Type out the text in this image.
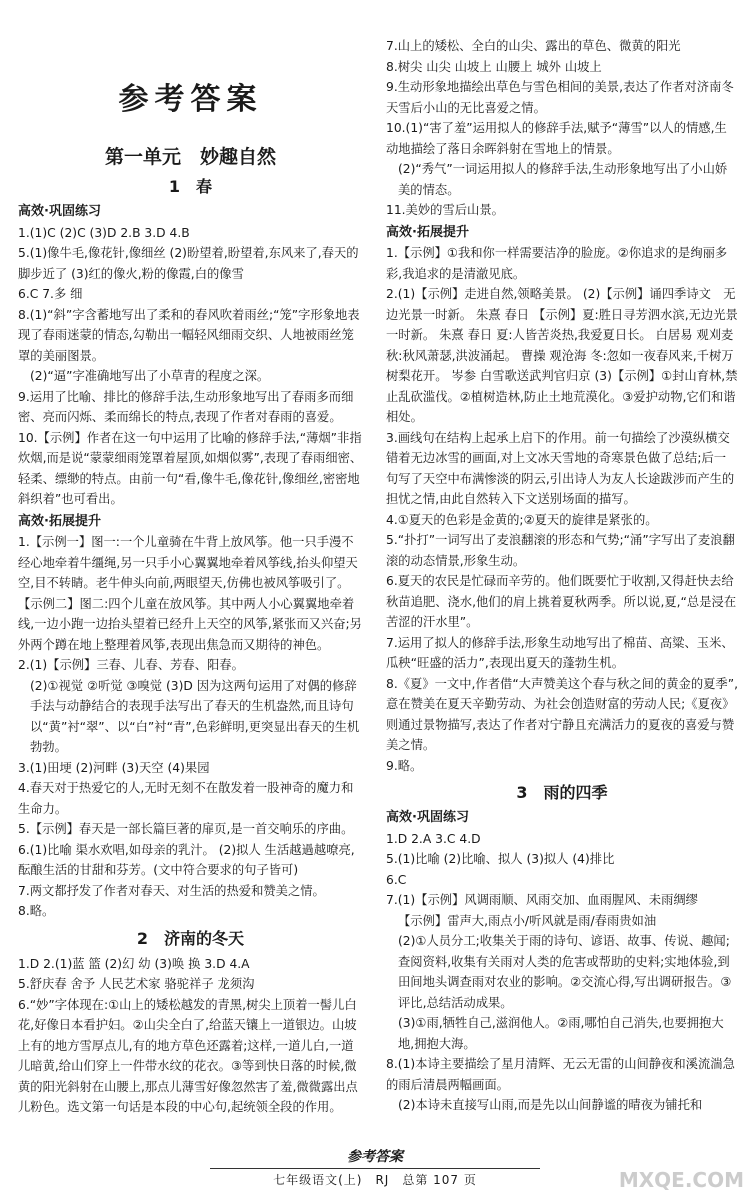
参考答案
第一单元　妙趣自然
1　春
高效·巩固练习
1.(1)C (2)C (3)D 2.B 3.D 4.B
5.(1)像牛毛,像花针,像细丝 (2)盼望着,盼望着,东风来了,春天的脚步近了 (3)红的像火,粉的像霞,白的像雪
6.C 7.多 细
8.(1)“斜”字含蓄地写出了柔和的春风吹着雨丝;“笼”字形象地表现了春雨迷蒙的情态,勾勒出一幅轻风细雨交织、人地被雨丝笼罩的美丽图景。
(2)“逼”字准确地写出了小草青的程度之深。
9.运用了比喻、排比的修辞手法,生动形象地写出了春雨多而细密、亮而闪烁、柔而绵长的特点,表现了作者对春雨的喜爱。
10.【示例】作者在这一句中运用了比喻的修辞手法,“薄烟”非指炊烟,而是说“蒙蒙细雨笼罩着屋顶,如烟似雾”,表现了春雨细密、轻柔、缥缈的特点。由前一句“看,像牛毛,像花针,像细丝,密密地斜织着”也可看出。
高效·拓展提升
1.【示例一】图一:一个儿童骑在牛背上放风筝。他一只手漫不经心地牵着牛缰绳,另一只手小心翼翼地牵着风筝线,抬头仰望天空,目不转睛。老牛伸头向前,两眼望天,仿佛也被风筝吸引了。【示例二】图二:四个儿童在放风筝。其中两人小心翼翼地牵着线,一边小跑一边抬头望着已经升上天空的风筝,紧张而又兴奋;另外两个蹲在地上整理着风筝,表现出焦急而又期待的神色。
2.(1)【示例】三春、儿春、芳春、阳春。
(2)①视觉 ②听觉 ③嗅觉 (3)D 因为这两句运用了对偶的修辞手法与动静结合的表现手法写出了春天的生机盎然,而且诗句以“黄”衬“翠”、以“白”衬“青”,色彩鲜明,更突显出春天的生机勃勃。
3.(1)田埂 (2)河畔 (3)天空 (4)果园
4.春天对于热爱它的人,无时无刻不在散发着一股神奇的魔力和生命力。
5.【示例】春天是一部长篇巨著的扉页,是一首交响乐的序曲。
6.(1)比喻 渠水欢唱,如母亲的乳汁。 (2)拟人 生活越過越嘹亮,酝酿生活的甘甜和芬芳。(文中符合要求的句子皆可)
7.两文都抒发了作者对春天、对生活的热爱和赞美之情。
8.略。
2　济南的冬天
1.D 2.(1)蓝 篮 (2)幻 幼 (3)唤 换 3.D 4.A
5.舒庆春 舍予 人民艺术家 骆驼祥子 龙须沟
6.“妙”字体现在:①山上的矮松越发的青黑,树尖上顶着一髻儿白花,好像日本看护妇。②山尖全白了,给蓝天镶上一道银边。山坡上有的地方雪厚点儿,有的地方草色还露着;这样,一道儿白,一道儿暗黄,给山们穿上一件带水纹的花衣。③等到快日落的时候,微黄的阳光斜射在山腰上,那点儿薄雪好像忽然害了羞,微微露出点儿粉色。选文第一句话是本段的中心句,起统领全段的作用。
7.山上的矮松、全白的山尖、露出的草色、微黄的阳光
8.树尖 山尖 山坡上 山腰上 城外 山坡上
9.生动形象地描绘出草色与雪色相间的美景,表达了作者对济南冬天雪后小山的无比喜爱之情。
10.(1)“害了羞”运用拟人的修辞手法,赋予“薄雪”以人的情感,生动地描绘了落日余晖斜射在雪地上的情景。
(2)“秀气”一词运用拟人的修辞手法,生动形象地写出了小山娇美的情态。
11.美妙的雪后山景。
高效·拓展提升
1.【示例】①我和你一样需要洁净的脸庞。②你追求的是绚丽多彩,我追求的是清澈见底。
2.(1)【示例】走进自然,领略美景。 (2)【示例】诵四季诗文　无边光景一时新。 朱熹 春日 【示例】夏:胜日寻芳泗水滨,无边光景一时新。 朱熹 春日 夏:人皆苦炎热,我爱夏日长。 白居易 观刈麦 秋:秋风萧瑟,洪波涌起。 曹操 观沧海 冬:忽如一夜春风来,千树万树梨花开。 岑参 白雪歌送武判官归京 (3)【示例】①封山育林,禁止乱砍滥伐。②植树造林,防止土地荒漠化。③爱护动物,它们和谐相处。
3.画线句在结构上起承上启下的作用。前一句描绘了沙漠纵横交错着无边冰雪的画面,对上文冰天雪地的奇寒景色做了总结;后一句写了天空中布满惨淡的阴云,引出诗人为友人长途跋涉而产生的担忧之情,由此自然转入下文送别场面的描写。
4.①夏天的色彩是金黄的;②夏天的旋律是紧张的。
5.“扑打”一词写出了麦浪翻滚的形态和气势;“涌”字写出了麦浪翻滚的动态情景,形象生动。
6.夏天的农民是忙碌而辛劳的。他们既要忙于收割,又得赶快去给秋苗追肥、浇水,他们的肩上挑着夏秋两季。所以说,夏,“总是浸在苦涩的汗水里”。
7.运用了拟人的修辞手法,形象生动地写出了棉苗、高粱、玉米、瓜秧“旺盛的活力”,表现出夏天的蓬勃生机。
8.《夏》一文中,作者借“大声赞美这个春与秋之间的黄金的夏季”,意在赞美在夏天辛勤劳动、为社会创造财富的劳动人民;《夏夜》则通过景物描写,表达了作者对宁静且充满活力的夏夜的喜爱与赞美之情。
9.略。
3　雨的四季
高效·巩固练习
1.D 2.A 3.C 4.D
5.(1)比喻 (2)比喻、拟人 (3)拟人 (4)排比
6.C
7.(1)【示例】风调雨顺、风雨交加、血雨腥风、未雨绸缪
【示例】雷声大,雨点小/听风就是雨/春雨贵如油
(2)①人员分工;收集关于雨的诗句、谚语、故事、传说、趣闻;查阅资料,收集有关雨对人类的危害或帮助的史料;实地体验,到田间地头调查雨对农业的影响。②交流心得,写出调研报告。③评比,总结活动成果。
(3)①雨,牺牲自己,滋润他人。②雨,哪怕自己消失,也要拥抱大地,拥抱大海。
8.(1)本诗主要描绘了星月清辉、无云无雷的山间静夜和溪流湍急的雨后清晨两幅画面。
(2)本诗未直接写山雨,而是先以山间静谧的晴夜为铺托和
参考答案
七年级语文(上)　RJ　总第 107 页	MXQE.COM
